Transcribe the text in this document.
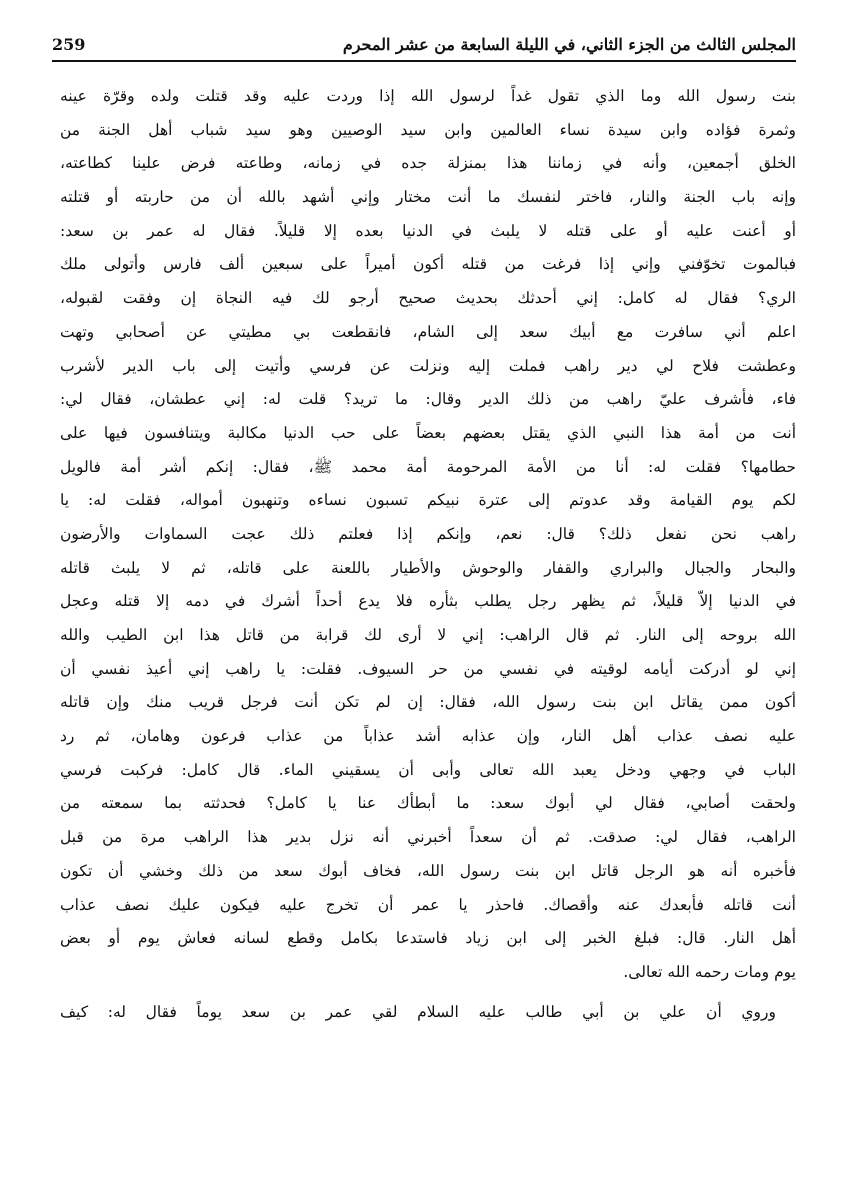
المجلس الثالث من الجزء الثاني، في الليلة السابعة من عشر المحرم
259
بنت رسول الله وما الذي تقول غداً لرسول الله إذا وردت عليه وقد قتلت ولده وقرّة عينه
وثمرة فؤاده وابن سيدة نساء العالمين وابن سيد الوصيين وهو سيد شباب أهل الجنة من
الخلق أجمعين، وأنه في زماننا هذا بمنزلة جده في زمانه، وطاعته فرض علينا كطاعته،
وإنه باب الجنة والنار، فاختر لنفسك ما أنت مختار وإني أشهد بالله أن من حاربته أو قتلته
أو أعنت عليه أو على قتله لا يلبث في الدنيا بعده إلا قليلاً. فقال له عمر بن سعد:
فبالموت تخوّفني وإني إذا فرغت من قتله أكون أميراً على سبعين ألف فارس وأتولى ملك
الري؟ فقال له كامل: إني أحدثك بحديث صحيح أرجو لك فيه النجاة إن وفقت لقبوله،
اعلم أني سافرت مع أبيك سعد إلى الشام، فانقطعت بي مطيتي عن أصحابي وتهت
وعطشت فلاح لي دير راهب فملت إليه ونزلت عن فرسي وأتيت إلى باب الدير لأشرب
فاء، فأشرف عليّ راهب من ذلك الدير وقال: ما تريد؟ قلت له: إني عطشان، فقال لي:
أنت من أمة هذا النبي الذي يقتل بعضهم بعضاً على حب الدنيا مكالبة ويتنافسون فيها على
حطامها؟ فقلت له: أنا من الأمة المرحومة أمة محمد ﷺ، فقال: إنكم أشر أمة فالويل
لكم يوم القيامة وقد عدوتم إلى عترة نبيكم تسبون نساءه وتنهبون أمواله، فقلت له: يا
راهب نحن نفعل ذلك؟ قال: نعم، وإنكم إذا فعلتم ذلك عجت السماوات والأرضون
والبحار والجبال والبراري والقفار والوحوش والأطيار باللعنة على قاتله، ثم لا يلبث قاتله
في الدنيا إلاّ قليلاً، ثم يظهر رجل يطلب بثأره فلا يدع أحداً أشرك في دمه إلا قتله وعجل
الله بروحه إلى النار. ثم قال الراهب: إني لا أرى لك قرابة من قاتل هذا ابن الطيب والله
إني لو أدركت أيامه لوقيته في نفسي من حر السيوف. فقلت: يا راهب إني أعيذ نفسي أن
أكون ممن يقاتل ابن بنت رسول الله، فقال: إن لم تكن أنت فرجل قريب منك وإن قاتله
عليه نصف عذاب أهل النار، وإن عذابه أشد عذاباً من عذاب فرعون وهامان، ثم رد
الباب في وجهي ودخل يعبد الله تعالى وأبى أن يسقيني الماء. قال كامل: فركبت فرسي
ولحقت أصابي، فقال لي أبوك سعد: ما أبطأك عنا يا كامل؟ فحدثته بما سمعته من
الراهب، فقال لي: صدقت. ثم أن سعداً أخبرني أنه نزل بدير هذا الراهب مرة من قبل
فأخبره أنه هو الرجل قاتل ابن بنت رسول الله، فخاف أبوك سعد من ذلك وخشي أن تكون
أنت قاتله فأبعدك عنه وأقصاك. فاحذر يا عمر أن تخرج عليه فيكون عليك نصف عذاب
أهل النار. قال: فبلغ الخبر إلى ابن زياد فاستدعا بكامل وقطع لسانه فعاش يوم أو بعض
يوم ومات رحمه الله تعالى.
وروي أن علي بن أبي طالب عليه السلام لقي عمر بن سعد يوماً فقال له: كيف
